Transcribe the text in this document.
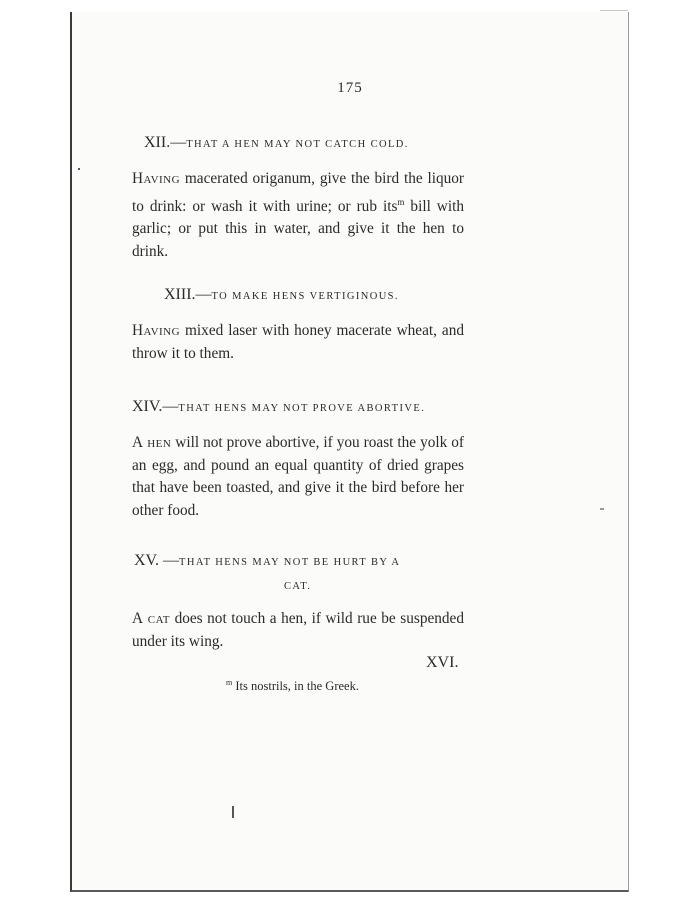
175
XII.—THAT A HEN MAY NOT CATCH COLD.
Having macerated origanum, give the bird the liquor to drink: or wash it with urine; or rub its$^m$ bill with garlic; or put this in water, and give it the hen to drink.
XIII.—TO MAKE HENS VERTIGINOUS.
Having mixed laser with honey macerate wheat, and throw it to them.
XIV.—THAT HENS MAY NOT PROVE ABORTIVE.
A hen will not prove abortive, if you roast the yolk of an egg, and pound an equal quantity of dried grapes that have been toasted, and give it the bird before her other food.
XV. —THAT HENS MAY NOT BE HURT BY A
CAT.
A cat does not touch a hen, if wild rue be suspended under its wing.
XVI.
$^m$ Its nostrils, in the Greek.
